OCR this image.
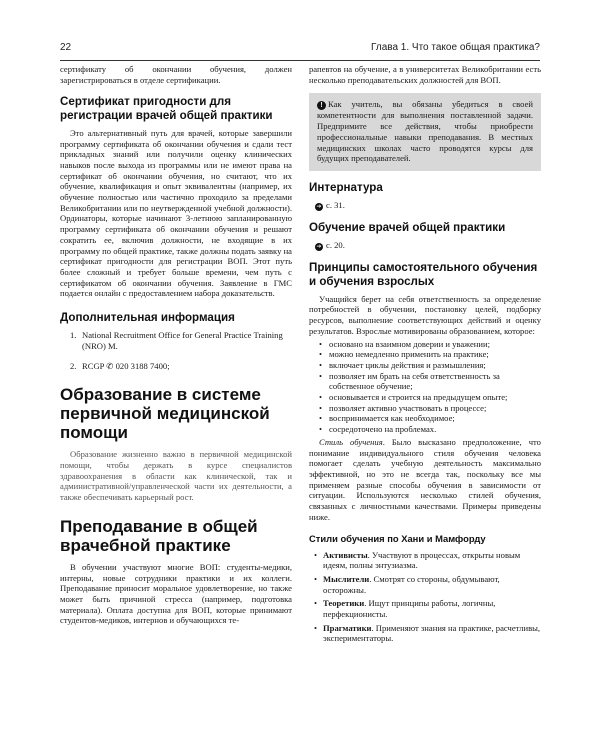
22	Глава 1. Что такое общая практика?

сертификату об окончании обучения, должен зарегистрироваться в отделе сертификации.

Сертификат пригодности для регистрации врачей общей практики

Это альтернативный путь для врачей, которые завершили программу сертификата об окончании обучения и сдали тест прикладных знаний или получили оценку клинических навыков после выхода из программы или не имеют права на сертификат об окончании обучения, но считают, что их обучение, квалификация и опыт эквивалентны (например, их обучение полностью или частично проходило за пределами Великобритании или по неутвержденной учебной должности). Ординаторы, которые начинают 3-летнюю запланированную программу сертификата об окончании обучения и решают сократить ее, включив должности, не входящие в их программу по общей практике, также должны подать заявку на сертификат пригодности для регистрации ВОП. Этот путь более сложный и требует больше времени, чем путь с сертификатом об окончании обучения. Заявление в ГМС подается онлайн с предоставлением набора доказательств.

Дополнительная информация
1. National Recruitment Office for General Practice Training (NRO) M.
2. RCGP ✆ 020 3188 7400;
Образование в системе первичной медицинской помощи

Образование жизненно важно в первичной медицинской помощи, чтобы держать в курсе специалистов здравоохранения в области как клинической, так и административной/управленческой части их деятельности, а также обеспечивать карьерный рост.

Преподавание в общей врачебной практике

В обучении участвуют многие ВОП: студенты-медики, интерны, новые сотрудники практики и их коллеги. Преподавание приносит моральное удовлетворение, но также может быть причиной стресса (например, подготовка материала). Оплата доступна для ВОП, которые принимают студентов-медиков, интернов и обучающихся те-

рапевтов на обучение, а в университетах Великобритании есть несколько преподавательских должностей для ВОП.

! Как учитель, вы обязаны убедиться в своей компетентности для выполнения поставленной задачи. Предпримите все действия, чтобы приобрести профессиональные навыки преподавания. В местных медицинских школах часто проводятся курсы для будущих преподавателей.

Интернатура
➔ с. 31.
Обучение врачей общей практики
➔ с. 20.
Принципы самостоятельного обучения и обучения взрослых

Учащийся берет на себя ответственность за определение потребностей в обучении, постановку целей, подборку ресурсов, выполнение соответствующих действий и оценку результатов. Взрослые мотивированы образованием, которое:

• основано на взаимном доверии и уважении;
• можно немедленно применить на практике;
• включает циклы действия и размышления;
• позволяет им брать на себя ответственность за собственное обучение;
• основывается и строится на предыдущем опыте;
• позволяет активно участвовать в процессе;
• воспринимается как необходимое;
• сосредоточено на проблемах.

Стиль обучения. Было высказано предположение, что понимание индивидуального стиля обучения человека помогает сделать учебную деятельность максимально эффективной, но это не всегда так, поскольку все мы применяем разные способы обучения в зависимости от ситуации. Используются несколько стилей обучения, связанных с личностными качествами. Примеры приведены ниже.

Стили обучения по Хани и Мамфорду
• Активисты. Участвуют в процессах, открыты новым идеям, полны энтузиазма.
• Мыслители. Смотрят со стороны, обдумывают, осторожны.
• Теоретики. Ищут принципы работы, логичны, перфекционисты.
• Прагматики. Применяют знания на практике, расчетливы, экспериментаторы.
